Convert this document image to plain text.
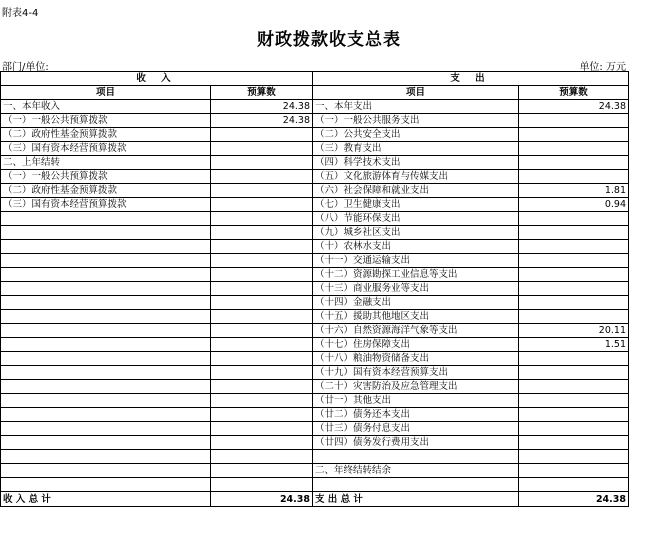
附表4-4
财政拨款收支总表
部门/单位:	单位: 万元
收 入		支 出	
项目	预算数	项目	预算数
一、本年收入	24.38	一、本年支出	24.38
（一）一般公共预算拨款	24.38	（一）一般公共服务支出	
（二）政府性基金预算拨款		（二）公共安全支出	
（三）国有资本经营预算拨款		（三）教育支出	
二、上年结转		（四）科学技术支出	
（一）一般公共预算拨款		（五）文化旅游体育与传媒支出	
（二）政府性基金预算拨款		（六）社会保障和就业支出	1.81
（三）国有资本经营预算拨款		（七）卫生健康支出	0.94
		（八）节能环保支出	
		（九）城乡社区支出	
		（十）农林水支出	
		（十一）交通运输支出	
		（十二）资源勘探工业信息等支出	
		（十三）商业服务业等支出	
		（十四）金融支出	
		（十五）援助其他地区支出	
		（十六）自然资源海洋气象等支出	20.11
		（十七）住房保障支出	1.51
		（十八）粮油物资储备支出	
		（十九）国有资本经营预算支出	
		（二十）灾害防治及应急管理支出	
		（廿一）其他支出	
		（廿二）债务还本支出	
		（廿三）债务付息支出	
		（廿四）债务发行费用支出	

		二、年终结转结余	

收 入 总 计	24.38	支 出 总 计	24.38
